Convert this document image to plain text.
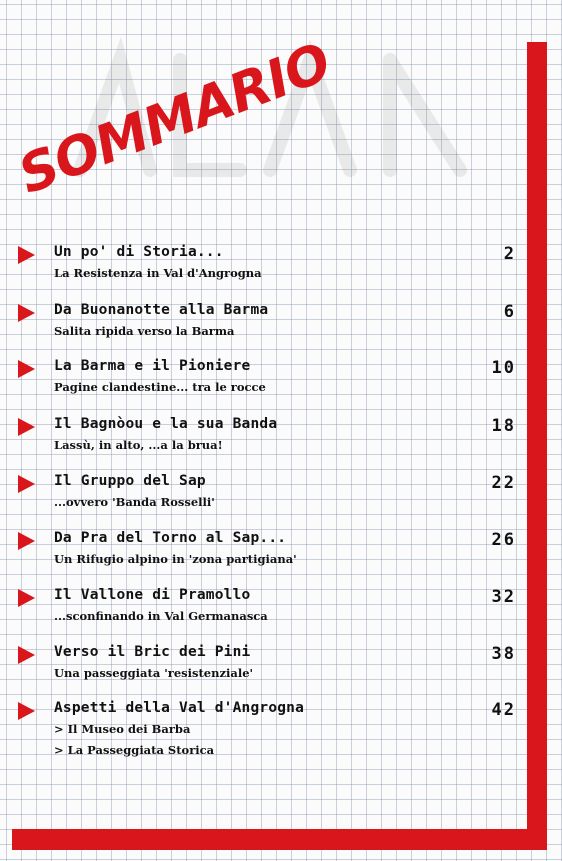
SOMMARIO
Un po' di Storia...	2
La Resistenza in Val d'Angrogna
Da Buonanotte alla Barma	6
Salita ripida verso la Barma
La Barma e il Pioniere	10
Pagine clandestine... tra le rocce
Il Bagnòou e la sua Banda	18
Lassù, in alto, ...a la brua!
Il Gruppo del Sap	22
...ovvero 'Banda Rosselli'
Da Pra del Torno al Sap...	26
Un Rifugio alpino in 'zona partigiana'
Il Vallone di Pramollo	32
...sconfinando in Val Germanasca
Verso il Bric dei Pini	38
Una passeggiata 'resistenziale'
Aspetti della Val d'Angrogna	42
> Il Museo dei Barba
> La Passeggiata Storica
